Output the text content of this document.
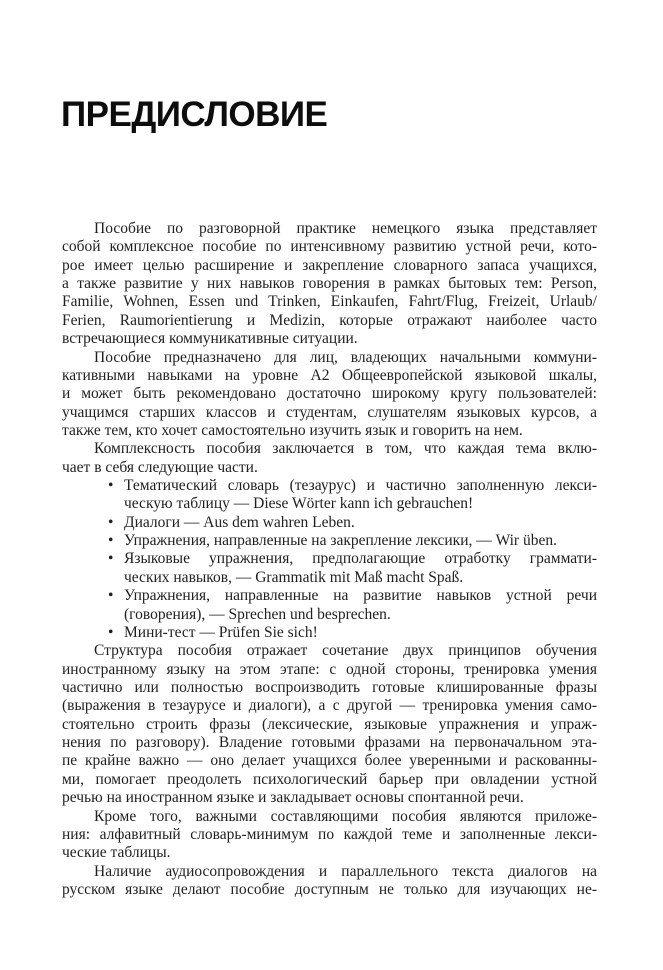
ПРЕДИСЛОВИЕ
Пособие по разговорной практике немецкого языка представляет
собой комплексное пособие по интенсивному развитию устной речи, кото-
рое имеет целью расширение и закрепление словарного запаса учащихся,
а также развитие у них навыков говорения в рамках бытовых тем: Person,
Familie, Wohnen, Essen und Trinken, Einkaufen, Fahrt/Flug, Freizeit, Urlaub/
Ferien, Raumorientierung и Medizin, которые отражают наиболее часто
встречающиеся коммуникативные ситуации.
Пособие предназначено для лиц, владеющих начальными коммуни-
кативными навыками на уровне А2 Общеевропейской языковой шкалы,
и может быть рекомендовано достаточно широкому кругу пользователей:
учащимся старших классов и студентам, слушателям языковых курсов, а
также тем, кто хочет самостоятельно изучить язык и говорить на нем.
Комплексность пособия заключается в том, что каждая тема вклю-
чает в себя следующие части.
• Тематический словарь (тезаурус) и частично заполненную лекси-
ческую таблицу — Diese Wörter kann ich gebrauchen!
• Диалоги — Aus dem wahren Leben.
• Упражнения, направленные на закрепление лексики, — Wir üben.
• Языковые упражнения, предполагающие отработку граммати-
ческих навыков, — Grammatik mit Maß macht Spaß.
• Упражнения, направленные на развитие навыков устной речи
(говорения), — Sprechen und besprechen.
• Мини-тест — Prüfen Sie sich!
Структура пособия отражает сочетание двух принципов обучения
иностранному языку на этом этапе: с одной стороны, тренировка умения
частично или полностью воспроизводить готовые клишированные фразы
(выражения в тезаурусе и диалоги), а с другой — тренировка умения само-
стоятельно строить фразы (лексические, языковые упражнения и упраж-
нения по разговору). Владение готовыми фразами на первоначальном эта-
пе крайне важно — оно делает учащихся более уверенными и раскованны-
ми, помогает преодолеть психологический барьер при овладении устной
речью на иностранном языке и закладывает основы спонтанной речи.
Кроме того, важными составляющими пособия являются приложе-
ния: алфавитный словарь-минимум по каждой теме и заполненные лекси-
ческие таблицы.
Наличие аудиосопровождения и параллельного текста диалогов на
русском языке делают пособие доступным не только для изучающих не-
